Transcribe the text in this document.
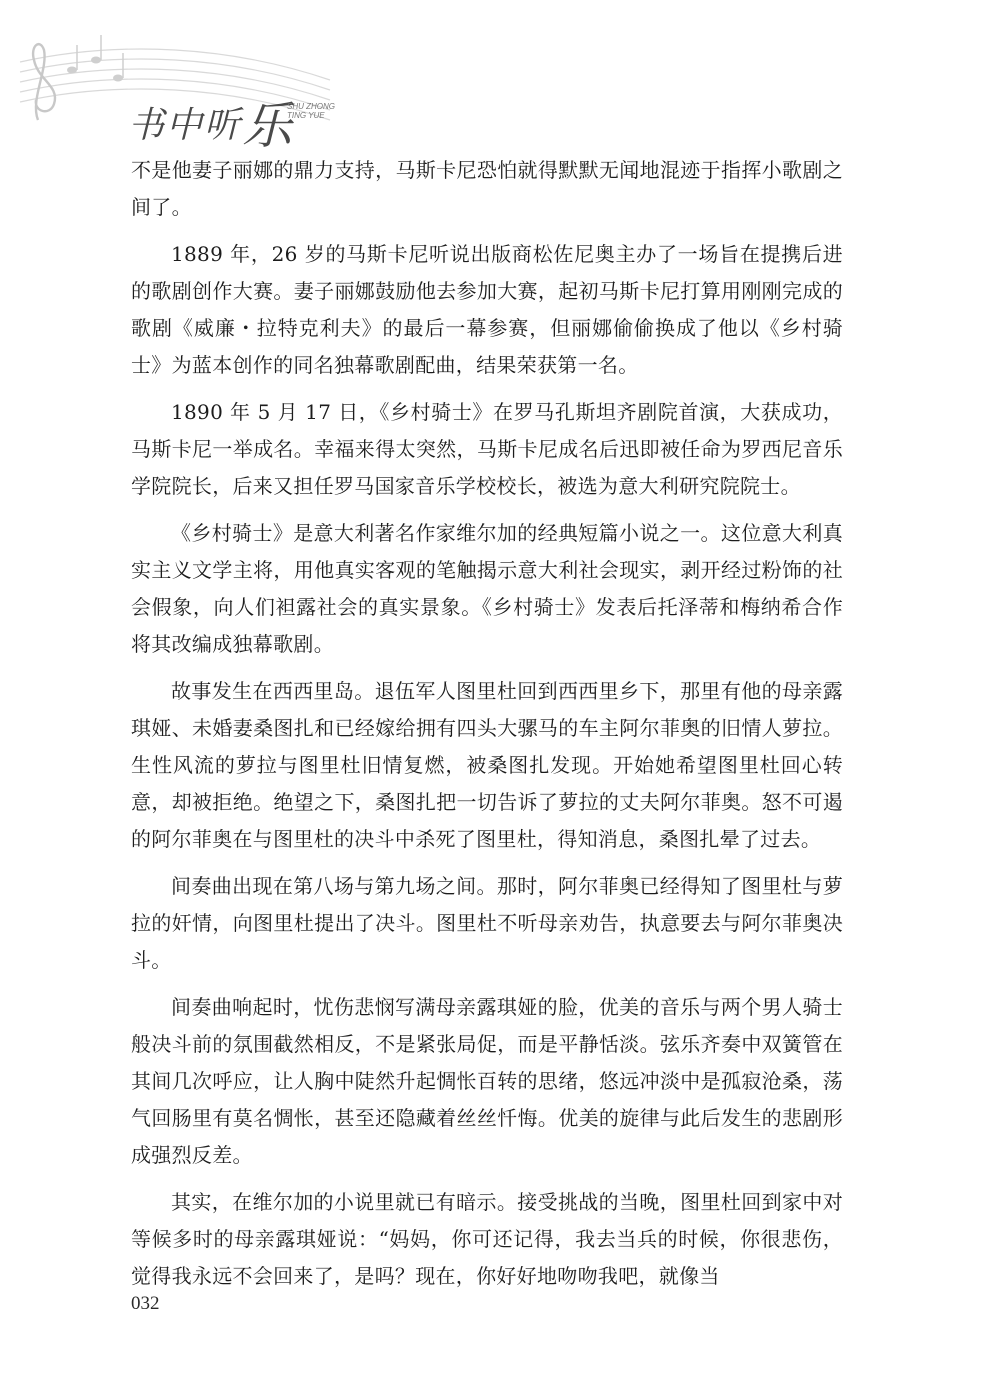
书中听乐
SHU ZHONG
TING YUE

不是他妻子丽娜的鼎力支持，马斯卡尼恐怕就得默默无闻地混迹于指挥小歌剧之间了。

1889 年，26 岁的马斯卡尼听说出版商松佐尼奥主办了一场旨在提携后进的歌剧创作大赛。妻子丽娜鼓励他去参加大赛，起初马斯卡尼打算用刚刚完成的歌剧《威廉・拉特克利夫》的最后一幕参赛，但丽娜偷偷换成了他以《乡村骑士》为蓝本创作的同名独幕歌剧配曲，结果荣获第一名。

1890 年 5 月 17 日，《乡村骑士》在罗马孔斯坦齐剧院首演，大获成功，马斯卡尼一举成名。幸福来得太突然，马斯卡尼成名后迅即被任命为罗西尼音乐学院院长，后来又担任罗马国家音乐学校校长，被选为意大利研究院院士。

《乡村骑士》是意大利著名作家维尔加的经典短篇小说之一。这位意大利真实主义文学主将，用他真实客观的笔触揭示意大利社会现实，剥开经过粉饰的社会假象，向人们袒露社会的真实景象。《乡村骑士》发表后托泽蒂和梅纳希合作将其改编成独幕歌剧。

故事发生在西西里岛。退伍军人图里杜回到西西里乡下，那里有他的母亲露琪娅、未婚妻桑图扎和已经嫁给拥有四头大骡马的车主阿尔菲奥的旧情人萝拉。生性风流的萝拉与图里杜旧情复燃，被桑图扎发现。开始她希望图里杜回心转意，却被拒绝。绝望之下，桑图扎把一切告诉了萝拉的丈夫阿尔菲奥。怒不可遏的阿尔菲奥在与图里杜的决斗中杀死了图里杜，得知消息，桑图扎晕了过去。

间奏曲出现在第八场与第九场之间。那时，阿尔菲奥已经得知了图里杜与萝拉的奸情，向图里杜提出了决斗。图里杜不听母亲劝告，执意要去与阿尔菲奥决斗。

间奏曲响起时，忧伤悲悯写满母亲露琪娅的脸，优美的音乐与两个男人骑士般决斗前的氛围截然相反，不是紧张局促，而是平静恬淡。弦乐齐奏中双簧管在其间几次呼应，让人胸中陡然升起惆怅百转的思绪，悠远冲淡中是孤寂沧桑，荡气回肠里有莫名惆怅，甚至还隐藏着丝丝忏悔。优美的旋律与此后发生的悲剧形成强烈反差。

其实，在维尔加的小说里就已有暗示。接受挑战的当晚，图里杜回到家中对等候多时的母亲露琪娅说：“妈妈，你可还记得，我去当兵的时候，你很悲伤，觉得我永远不会回来了，是吗？现在，你好好地吻吻我吧，就像当

032
